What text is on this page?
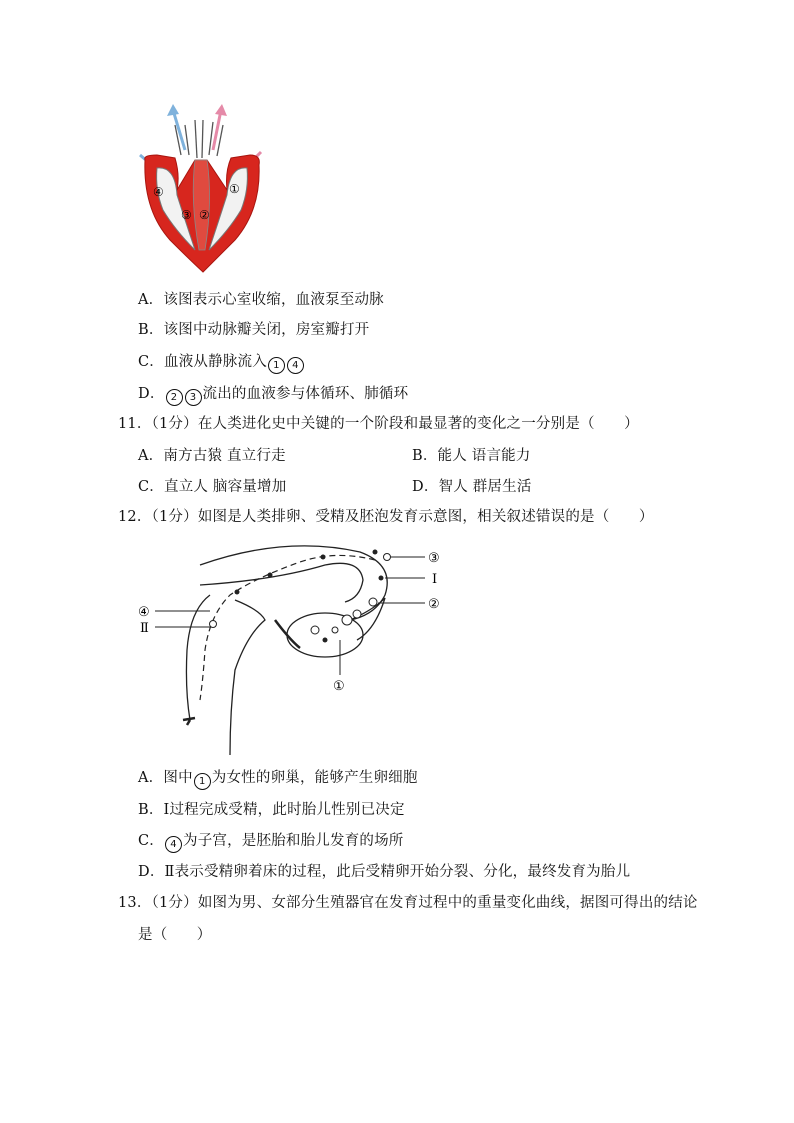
④
③ ②
①
A．该图表示心室收缩，血液泵至动脉
B．该图中动脉瓣关闭，房室瓣打开
C．血液从静脉流入 1 4
D． 2 3 流出的血液参与体循环、肺循环
11．（1分）在人类进化史中关键的一个阶段和最显著的变化之一分别是（　　）
A．南方古猿 直立行走	B．能人 语言能力
C．直立人 脑容量增加	D．智人 群居生活
12．（1分）如图是人类排卵、受精及胚泡发育示意图，相关叙述错误的是（　　）
③
I
②
④
Ⅱ
①
A．图中 1 为女性的卵巢，能够产生卵细胞
B．Ⅰ过程完成受精，此时胎儿性别已决定
C． 4 为子宫，是胚胎和胎儿发育的场所
D．Ⅱ表示受精卵着床的过程，此后受精卵开始分裂、分化，最终发育为胎儿
13．（1分）如图为男、女部分生殖器官在发育过程中的重量变化曲线，据图可得出的结论
是（　　）
